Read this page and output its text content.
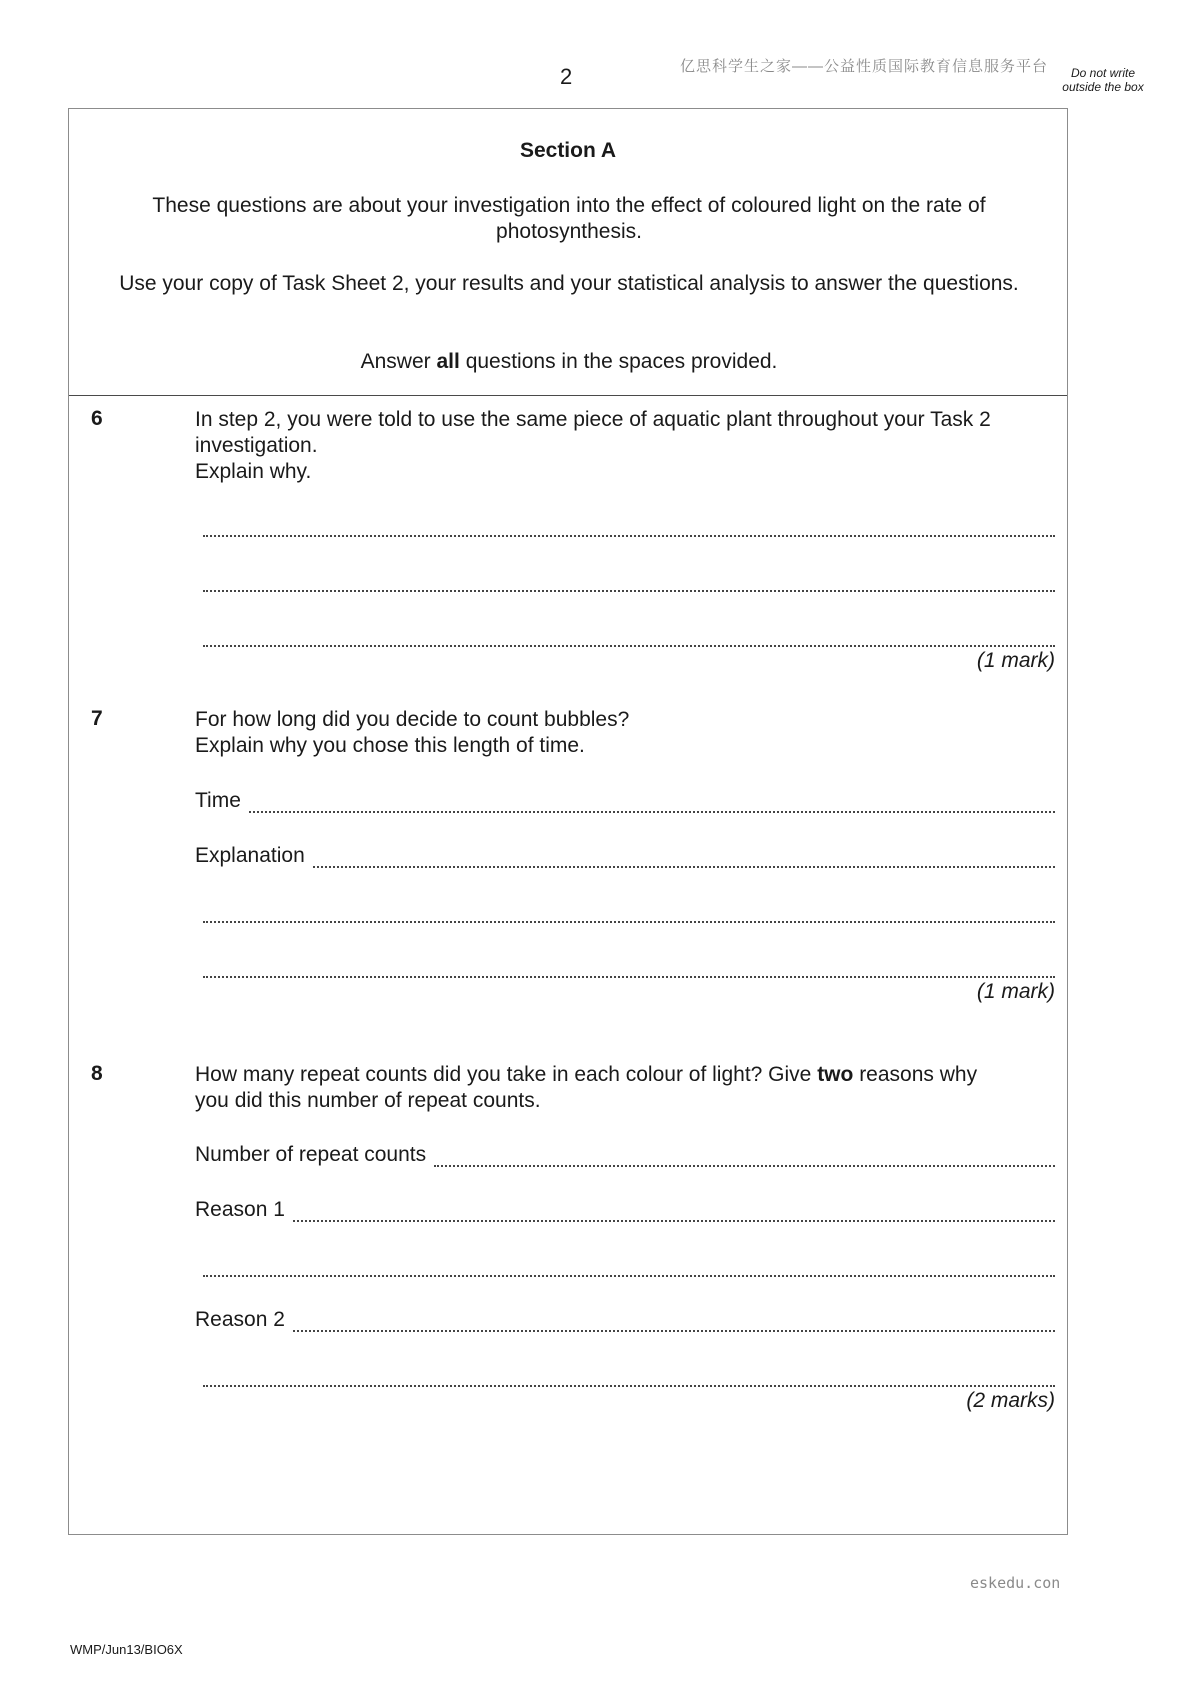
2	亿思科学生之家——公益性质国际教育信息服务平台	Do not write outside the box
Section A
These questions are about your investigation into the effect of coloured light on the rate of photosynthesis.
Use your copy of Task Sheet 2, your results and your statistical analysis to answer the questions.
Answer all questions in the spaces provided.
6	In step 2, you were told to use the same piece of aquatic plant throughout your Task 2
investigation.
Explain why.
(1 mark)
7	For how long did you decide to count bubbles?
Explain why you chose this length of time.
Time
Explanation
(1 mark)
8	How many repeat counts did you take in each colour of light? Give two reasons why
you did this number of repeat counts.
Number of repeat counts
Reason 1
Reason 2
(2 marks)
eskedu.con
WMP/Jun13/BIO6X
